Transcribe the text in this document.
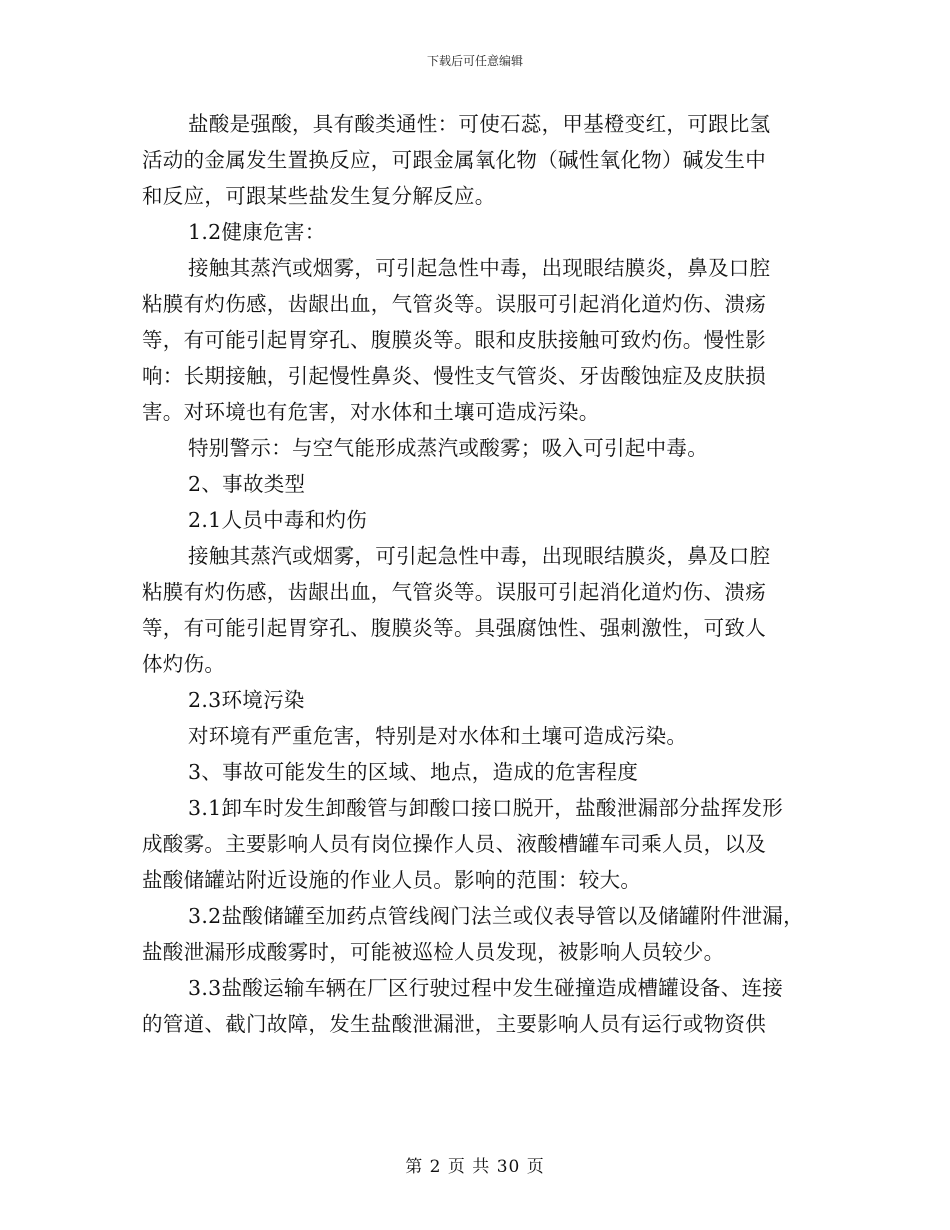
下载后可任意编辑
盐酸是强酸，具有酸类通性：可使石蕊，甲基橙变红，可跟比氢
活动的金属发生置换反应，可跟金属氧化物（碱性氧化物）碱发生中
和反应，可跟某些盐发生复分解反应。
1.2健康危害：
接触其蒸汽或烟雾，可引起急性中毒，出现眼结膜炎，鼻及口腔
粘膜有灼伤感，齿龈出血，气管炎等。误服可引起消化道灼伤、溃疡
等，有可能引起胃穿孔、腹膜炎等。眼和皮肤接触可致灼伤。慢性影
响：长期接触，引起慢性鼻炎、慢性支气管炎、牙齿酸蚀症及皮肤损
害。对环境也有危害，对水体和土壤可造成污染。
特别警示：与空气能形成蒸汽或酸雾；吸入可引起中毒。
2、事故类型
2.1人员中毒和灼伤
接触其蒸汽或烟雾，可引起急性中毒，出现眼结膜炎，鼻及口腔
粘膜有灼伤感，齿龈出血，气管炎等。误服可引起消化道灼伤、溃疡
等，有可能引起胃穿孔、腹膜炎等。具强腐蚀性、强刺激性，可致人
体灼伤。
2.3环境污染
对环境有严重危害，特别是对水体和土壤可造成污染。
3、事故可能发生的区域、地点，造成的危害程度
3.1卸车时发生卸酸管与卸酸口接口脱开，盐酸泄漏部分盐挥发形
成酸雾。主要影响人员有岗位操作人员、液酸槽罐车司乘人员，以及
盐酸储罐站附近设施的作业人员。影响的范围：较大。
3.2盐酸储罐至加药点管线阀门法兰或仪表导管以及储罐附件泄漏，
盐酸泄漏形成酸雾时，可能被巡检人员发现，被影响人员较少。
3.3盐酸运输车辆在厂区行驶过程中发生碰撞造成槽罐设备、连接
的管道、截门故障，发生盐酸泄漏泄，主要影响人员有运行或物资供
第 2 页 共 30 页
